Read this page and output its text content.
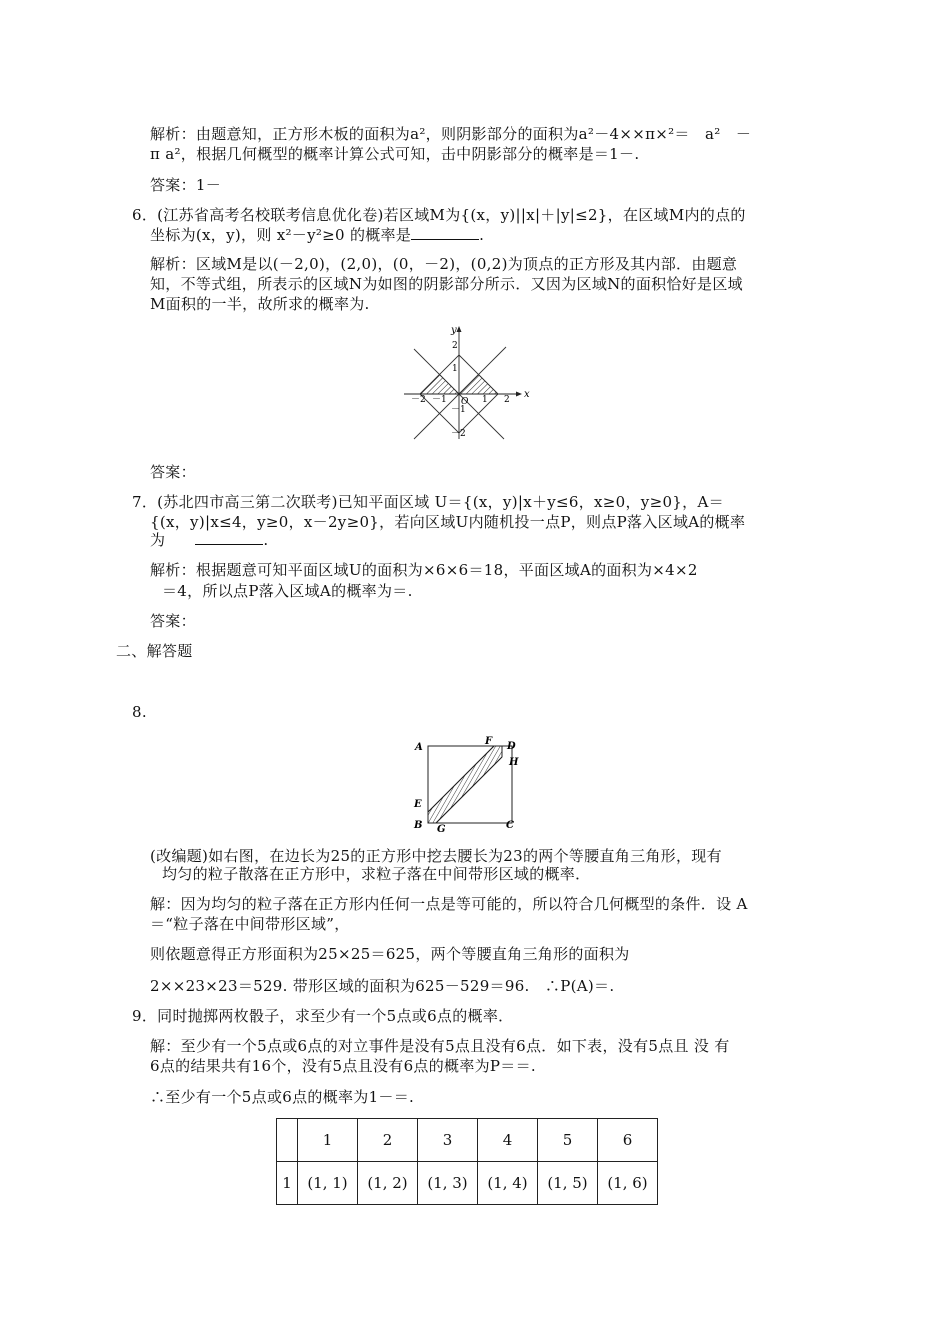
解析：由题意知，正方形木板的面积为a²，则阴影部分的面积为a²－4××π×²＝　a²　－
π a²，根据几何概型的概率计算公式可知，击中阴影部分的概率是＝1－.
答案：1－
6．(江苏省高考名校联考信息优化卷)若区域M为{(x，y)||x|＋|y|≤2}，在区域M内的点的
坐标为(x，y)，则 x²－y²≥0 的概率是	.
解析：区域M是以(－2,0)，(2,0)，(0，－2)，(0,2)为顶点的正方形及其内部．由题意
知，不等式组，所表示的区域N为如图的阴影部分所示．又因为区域N的面积恰好是区域
M面积的一半，故所求的概率为.
x
y
O
－2 －1	1 2
2
1
－1
－2
答案：
7．(苏北四市高三第二次联考)已知平面区域 U＝{(x，y)|x＋y≤6，x≥0，y≥0}，A＝
{(x，y)|x≤4，y≥0，x－2y≥0}，若向区域U内随机投一点P，则点P落入区域A的概率
为	.
解析：根据题意可知平面区域U的面积为×6×6＝18，平面区域A的面积为×4×2
＝4，所以点P落入区域A的概率为＝.
答案：
二、解答题
8.
A
F D
H
E
B G	C
(改编题)如右图，在边长为25的正方形中挖去腰长为23的两个等腰直角三角形，现有
均匀的粒子散落在正方形中，求粒子落在中间带形区域的概率．
解：因为均匀的粒子落在正方形内任何一点是等可能的，所以符合几何概型的条件．设 A
＝“粒子落在中间带形区域”，
则依题意得正方形面积为25×25＝625，两个等腰直角三角形的面积为
2××23×23＝529. 带形区域的面积为625－529＝96.　∴P(A)＝.
9．同时抛掷两枚骰子，求至少有一个5点或6点的概率．
解：至少有一个5点或6点的对立事件是没有5点且没有6点．如下表，没有5点且 没 有
6点的结果共有16个，没有5点且没有6点的概率为P＝＝.
∴至少有一个5点或6点的概率为1－＝.
	1	2	3	4	5	6
1	(1, 1)	(1, 2)	(1, 3)	(1, 4)	(1, 5)	(1, 6)
